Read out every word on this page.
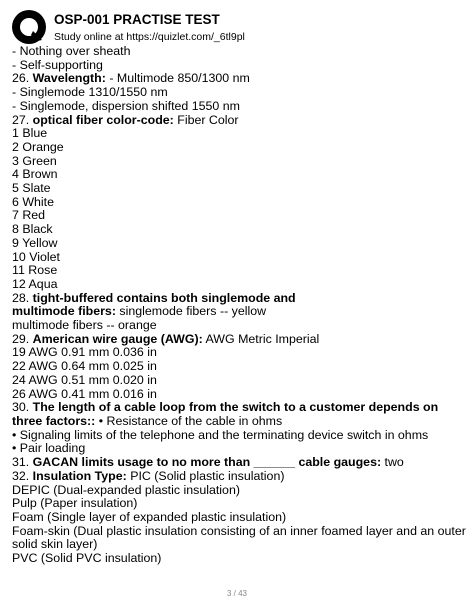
OSP-001 PRACTISE TEST
Study online at https://quizlet.com/_6tl9pl
- Nothing over sheath
- Self-supporting
26. Wavelength: - Multimode 850/1300 nm
- Singlemode 1310/1550 nm
- Singlemode, dispersion shifted 1550 nm
27. optical fiber color-code: Fiber Color
1 Blue
2 Orange
3 Green
4 Brown
5 Slate
6 White
7 Red
8 Black
9 Yellow
10 Violet
11 Rose
12 Aqua
28. tight-buffered contains both singlemode and
multimode fibers: singlemode fibers -- yellow
multimode fibers -- orange
29. American wire gauge (AWG): AWG Metric Imperial
19 AWG 0.91 mm 0.036 in
22 AWG 0.64 mm 0.025 in
24 AWG 0.51 mm 0.020 in
26 AWG 0.41 mm 0.016 in
30. The length of a cable loop from the switch to a customer depends on three factors:: • Resistance of the cable in ohms
• Signaling limits of the telephone and the terminating device switch in ohms
• Pair loading
31. GACAN limits usage to no more than ______ cable gauges: two
32. Insulation Type: PIC (Solid plastic insulation)
DEPIC (Dual-expanded plastic insulation)
Pulp (Paper insulation)
Foam (Single layer of expanded plastic insulation)
Foam-skin (Dual plastic insulation consisting of an inner foamed layer and an outer solid skin layer)
PVC (Solid PVC insulation)
3 / 43
